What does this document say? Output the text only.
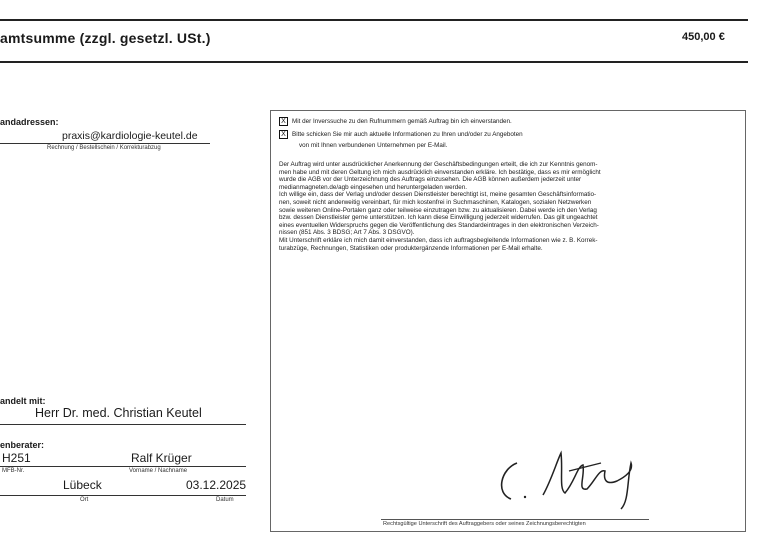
amtsumme (zzgl. gesetzl. USt.)	450,00 €
andadressen:
praxis@kardiologie-keutel.de
Rechnung / Bestellschein / Korrekturabzug
andelt mit:
Herr Dr. med. Christian Keutel
enberater:
H251	Ralf Krüger
MFB-Nr.	Vorname / Nachname
Lübeck	03.12.2025
Ort	Datum
X Mit der Inverssuche zu den Rufnummern gemäß Auftrag bin ich einverstanden.
X Bitte schicken Sie mir auch aktuelle Informationen zu Ihren und/oder zu Angeboten
von mit Ihnen verbundenen Unternehmen per E-Mail.
Der Auftrag wird unter ausdrücklicher Anerkennung der Geschäftsbedingungen erteilt, die ich zur Kenntnis genom-
men habe und mit deren Geltung ich mich ausdrücklich einverstanden erkläre. Ich bestätige, dass es mir ermöglicht
wurde die AGB vor der Unterzeichnung des Auftrags einzusehen. Die AGB können außerdem jederzeit unter
medianmagneten.de/agb eingesehen und heruntergeladen werden.
Ich willige ein, dass der Verlag und/oder dessen Dienstleister berechtigt ist, meine gesamten Geschäftsinformatio-
nen, soweit nicht anderweitig vereinbart, für mich kostenfrei in Suchmaschinen, Katalogen, sozialen Netzwerken
sowie weiteren Online-Portalen ganz oder teilweise einzutragen bzw. zu aktualisieren. Dabei werde ich den Verlag
bzw. dessen Dienstleister gerne unterstützen. Ich kann diese Einwilligung jederzeit widerrufen. Das gilt ungeachtet
eines eventuellen Widerspruchs gegen die Veröffentlichung des Standardeintrages in den elektronischen Verzeich-
nissen (851 Abs. 3 BDSG; Art 7 Abs. 3 DSGVO).
Mit Unterschrift erkläre ich mich damit einverstanden, dass ich auftragsbegleitende Informationen wie z. B. Korrek-
turabzüge, Rechnungen, Statistiken oder produktergänzende Informationen per E-Mail erhalte.
Rechtsgültige Unterschrift des Auftraggebers oder seines Zeichnungsberechtigten
